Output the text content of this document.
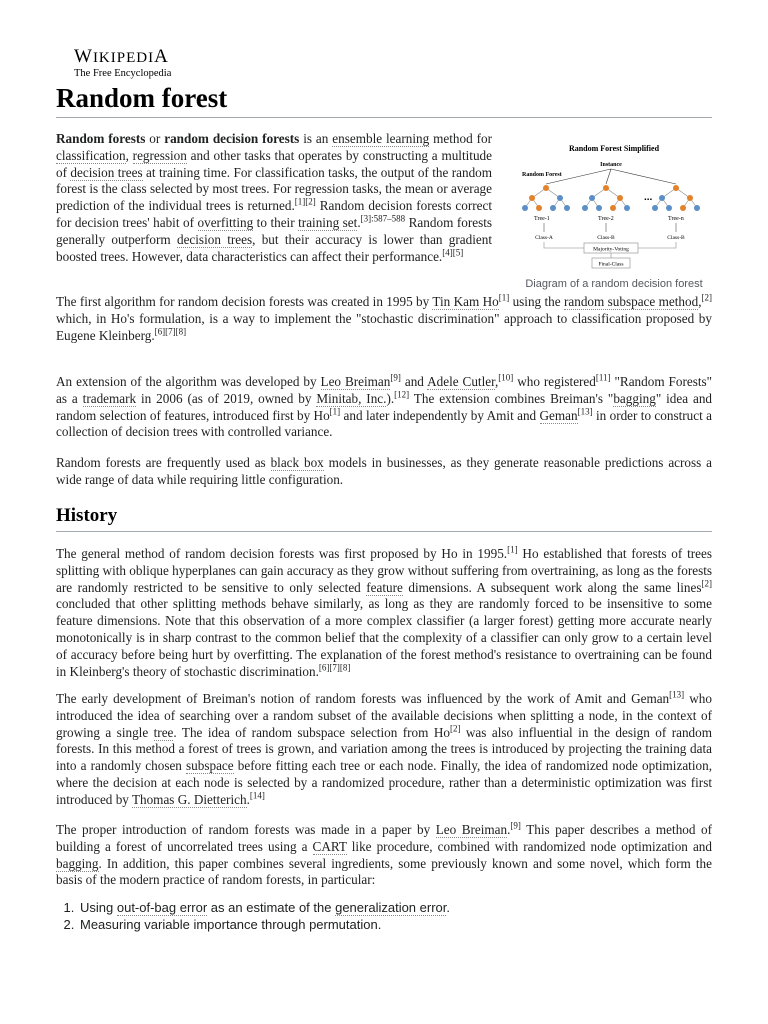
WIKIPEDIA
The Free Encyclopedia
Random forest
Random Forest Simplified
Instance
Random Forest
...
Tree-1	Tree-2	Tree-n
Class-A	Class-B	Class-B
Majority-Voting
Final-Class
Diagram of a random decision forest

Random forests or random decision forests is an ensemble learning method for classification, regression and other tasks that operates by constructing a multitude of decision trees at training time. For classification tasks, the output of the random forest is the class selected by most trees. For regression tasks, the mean or average prediction of the individual trees is returned.[1][2] Random decision forests correct for decision trees' habit of overfitting to their training set.$^{[3]:587-588}$ Random forests generally outperform decision trees, but their accuracy is lower than gradient boosted trees. However, data characteristics can affect their performance.[4][5]

The first algorithm for random decision forests was created in 1995 by Tin Kam Ho[1] using the random subspace method,[2] which, in Ho's formulation, is a way to implement the "stochastic discrimination" approach to classification proposed by Eugene Kleinberg.[6][7][8]

An extension of the algorithm was developed by Leo Breiman[9] and Adele Cutler,[10] who registered[11] "Random Forests" as a trademark in 2006 (as of 2019, owned by Minitab, Inc.).[12] The extension combines Breiman's "bagging" idea and random selection of features, introduced first by Ho[1] and later independently by Amit and Geman[13] in order to construct a collection of decision trees with controlled variance.

Random forests are frequently used as black box models in businesses, as they generate reasonable predictions across a wide range of data while requiring little configuration.

History

The general method of random decision forests was first proposed by Ho in 1995.[1] Ho established that forests of trees splitting with oblique hyperplanes can gain accuracy as they grow without suffering from overtraining, as long as the forests are randomly restricted to be sensitive to only selected feature dimensions. A subsequent work along the same lines[2] concluded that other splitting methods behave similarly, as long as they are randomly forced to be insensitive to some feature dimensions. Note that this observation of a more complex classifier (a larger forest) getting more accurate nearly monotonically is in sharp contrast to the common belief that the complexity of a classifier can only grow to a certain level of accuracy before being hurt by overfitting. The explanation of the forest method's resistance to overtraining can be found in Kleinberg's theory of stochastic discrimination.[6][7][8]

The early development of Breiman's notion of random forests was influenced by the work of Amit and Geman[13] who introduced the idea of searching over a random subset of the available decisions when splitting a node, in the context of growing a single tree. The idea of random subspace selection from Ho[2] was also influential in the design of random forests. In this method a forest of trees is grown, and variation among the trees is introduced by projecting the training data into a randomly chosen subspace before fitting each tree or each node. Finally, the idea of randomized node optimization, where the decision at each node is selected by a randomized procedure, rather than a deterministic optimization was first introduced by Thomas G. Dietterich.[14]

The proper introduction of random forests was made in a paper by Leo Breiman.[9] This paper describes a method of building a forest of uncorrelated trees using a CART like procedure, combined with randomized node optimization and bagging. In addition, this paper combines several ingredients, some previously known and some novel, which form the basis of the modern practice of random forests, in particular:

1. Using out-of-bag error as an estimate of the generalization error.
2. Measuring variable importance through permutation.
